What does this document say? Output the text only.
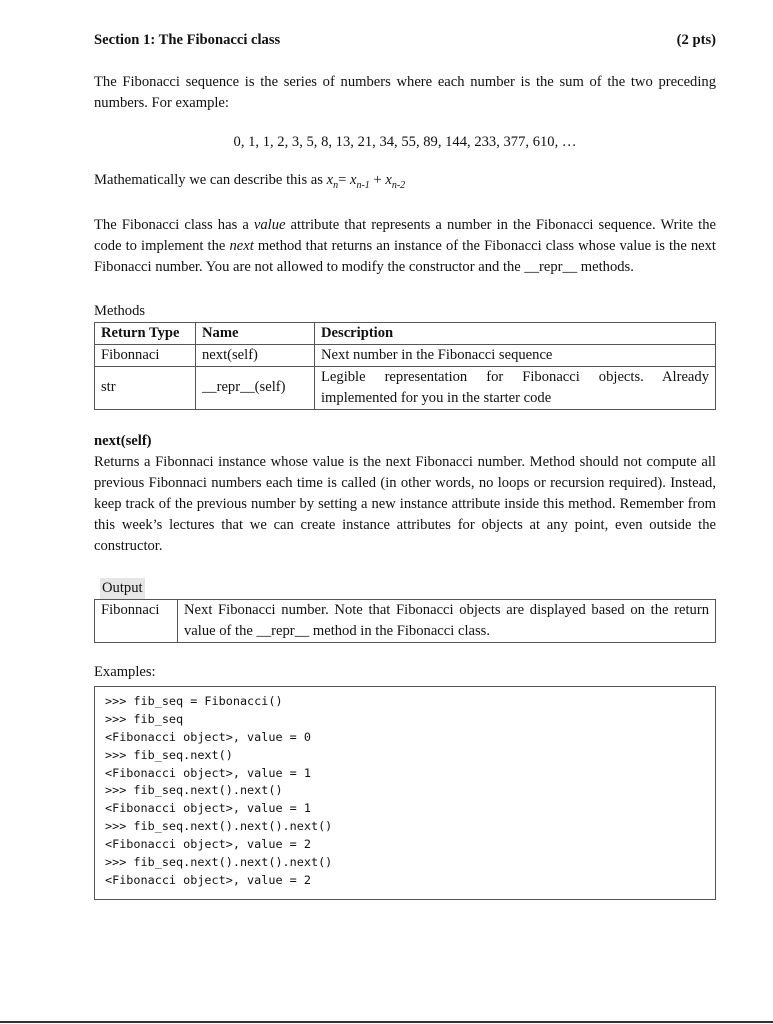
Section 1: The Fibonacci class	(2 pts)

The Fibonacci sequence is the series of numbers where each number is the sum of the two preceding numbers. For example:

0, 1, 1, 2, 3, 5, 8, 13, 21, 34, 55, 89, 144, 233, 377, 610, …

Mathematically we can describe this as $x_n= x_{n-1} + x_{n-2}$

The Fibonacci class has a value attribute that represents a number in the Fibonacci sequence. Write the code to implement the next method that returns an instance of the Fibonacci class whose value is the next Fibonacci number. You are not allowed to modify the constructor and the __repr__ methods.

Methods

Return Type	Name	Description
Fibonnaci	next(self)	Next number in the Fibonacci sequence
str	__repr__(self)	Legible representation for Fibonacci objects. Already implemented for you in the starter code

next(self)

Returns a Fibonnaci instance whose value is the next Fibonacci number. Method should not compute all previous Fibonnaci numbers each time is called (in other words, no loops or recursion required). Instead, keep track of the previous number by setting a new instance attribute inside this method. Remember from this week’s lectures that we can create instance attributes for objects at any point, even outside the constructor.

Output

Fibonnaci	Next Fibonacci number. Note that Fibonacci objects are displayed based on the return value of the __repr__ method in the Fibonacci class.

Examples:

>>> fib_seq = Fibonacci()
>>> fib_seq
<Fibonacci object>, value = 0
>>> fib_seq.next()
<Fibonacci object>, value = 1
>>> fib_seq.next().next()
<Fibonacci object>, value = 1
>>> fib_seq.next().next().next()
<Fibonacci object>, value = 2
>>> fib_seq.next().next().next()
<Fibonacci object>, value = 2
